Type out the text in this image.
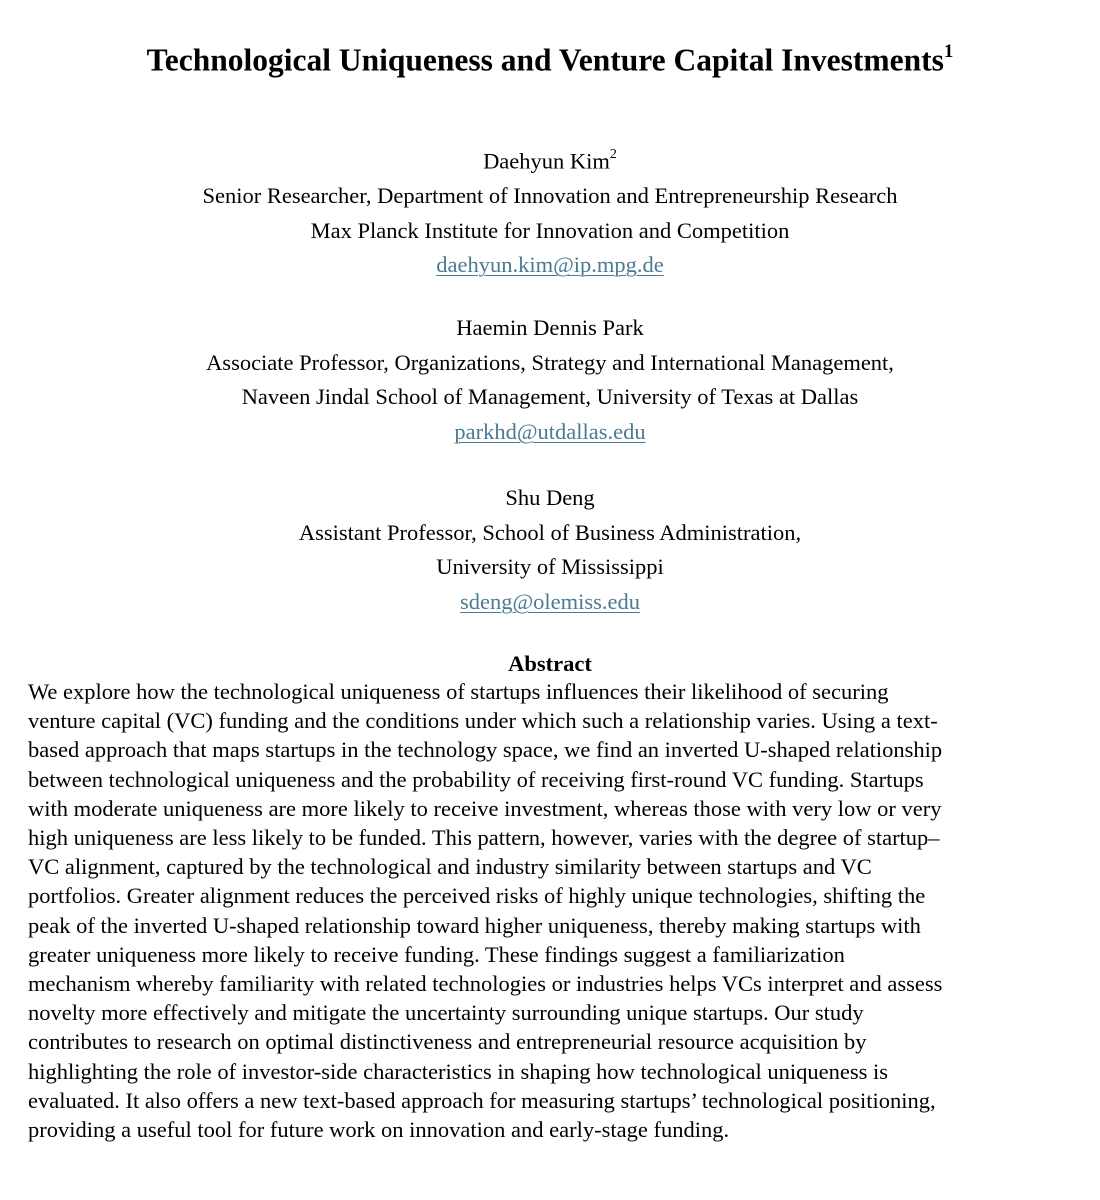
Technological Uniqueness and Venture Capital Investments$^1$
Daehyun Kim$^2$
Senior Researcher, Department of Innovation and Entrepreneurship Research
Max Planck Institute for Innovation and Competition
daehyun.kim@ip.mpg.de
Haemin Dennis Park
Associate Professor, Organizations, Strategy and International Management,
Naveen Jindal School of Management, University of Texas at Dallas
parkhd@utdallas.edu
Shu Deng
Assistant Professor, School of Business Administration,
University of Mississippi
sdeng@olemiss.edu
Abstract
We explore how the technological uniqueness of startups influences their likelihood of securing
venture capital (VC) funding and the conditions under which such a relationship varies. Using a text-
based approach that maps startups in the technology space, we find an inverted U-shaped relationship
between technological uniqueness and the probability of receiving first-round VC funding. Startups
with moderate uniqueness are more likely to receive investment, whereas those with very low or very
high uniqueness are less likely to be funded. This pattern, however, varies with the degree of startup–
VC alignment, captured by the technological and industry similarity between startups and VC
portfolios. Greater alignment reduces the perceived risks of highly unique technologies, shifting the
peak of the inverted U-shaped relationship toward higher uniqueness, thereby making startups with
greater uniqueness more likely to receive funding. These findings suggest a familiarization
mechanism whereby familiarity with related technologies or industries helps VCs interpret and assess
novelty more effectively and mitigate the uncertainty surrounding unique startups. Our study
contributes to research on optimal distinctiveness and entrepreneurial resource acquisition by
highlighting the role of investor-side characteristics in shaping how technological uniqueness is
evaluated. It also offers a new text-based approach for measuring startups’ technological positioning,
providing a useful tool for future work on innovation and early-stage funding.
